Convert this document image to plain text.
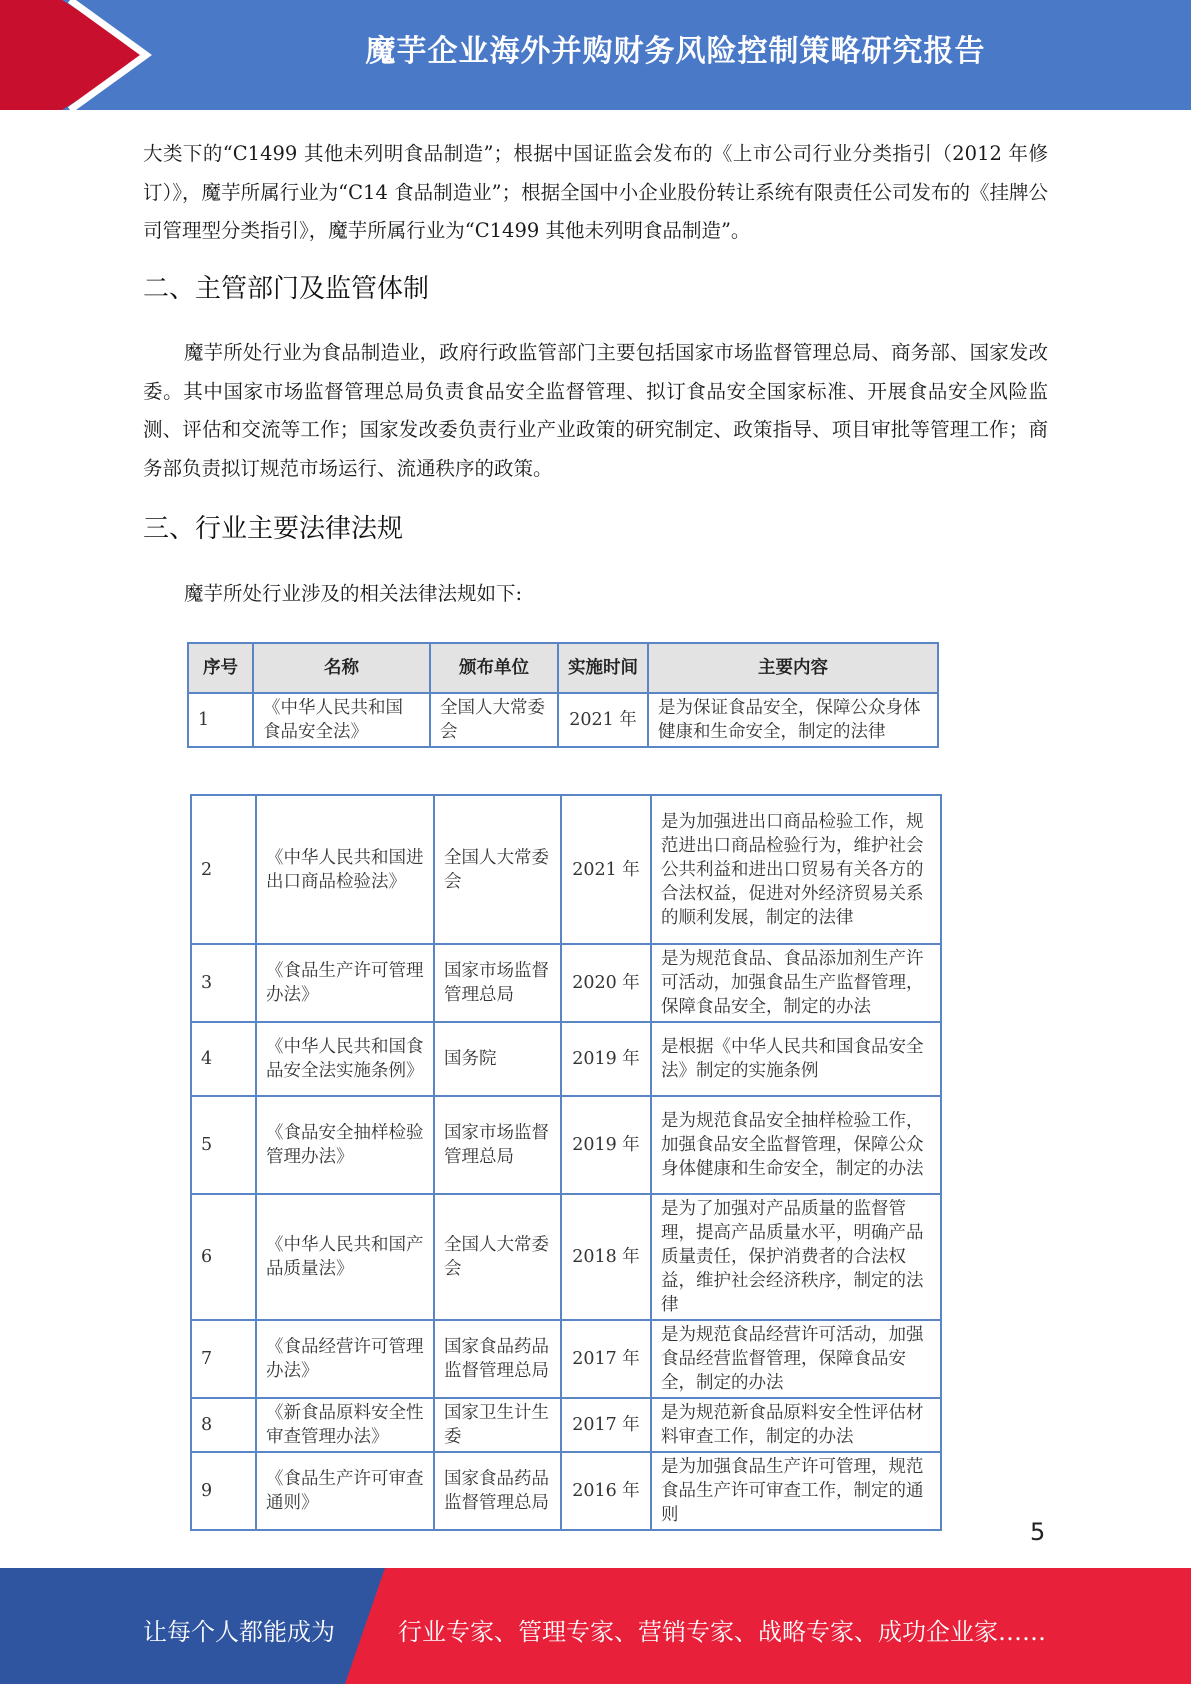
魔芋企业海外并购财务风险控制策略研究报告

大类下的“C1499 其他未列明食品制造”；根据中国证监会发布的《上市公司行业分类指引（2012 年修订）》，魔芋所属行业为“C14 食品制造业”；根据全国中小企业股份转让系统有限责任公司发布的《挂牌公司管理型分类指引》，魔芋所属行业为“C1499 其他未列明食品制造”。

二、主管部门及监管体制

魔芋所处行业为食品制造业，政府行政监管部门主要包括国家市场监督管理总局、商务部、国家发改委。其中国家市场监督管理总局负责食品安全监督管理、拟订食品安全国家标准、开展食品安全风险监测、评估和交流等工作；国家发改委负责行业产业政策的研究制定、政策指导、项目审批等管理工作；商务部负责拟订规范市场运行、流通秩序的政策。

三、行业主要法律法规

魔芋所处行业涉及的相关法律法规如下:

序号	名称	颁布单位	实施时间	主要内容
1	《中华人民共和国食品安全法》	全国人大常委会	2021 年	是为保证食品安全，保障公众身体健康和生命安全，制定的法律
2	《中华人民共和国进出口商品检验法》	全国人大常委会	2021 年	是为加强进出口商品检验工作，规范进出口商品检验行为，维护社会公共利益和进出口贸易有关各方的合法权益，促进对外经济贸易关系的顺利发展，制定的法律
3	《食品生产许可管理办法》	国家市场监督管理总局	2020 年	是为规范食品、食品添加剂生产许可活动，加强食品生产监督管理，保障食品安全，制定的办法
4	《中华人民共和国食品安全法实施条例》	国务院	2019 年	是根据《中华人民共和国食品安全法》制定的实施条例
5	《食品安全抽样检验管理办法》	国家市场监督管理总局	2019 年	是为规范食品安全抽样检验工作，加强食品安全监督管理，保障公众身体健康和生命安全，制定的办法
6	《中华人民共和国产品质量法》	全国人大常委会	2018 年	是为了加强对产品质量的监督管理，提高产品质量水平，明确产品质量责任，保护消费者的合法权益，维护社会经济秩序，制定的法律
7	《食品经营许可管理办法》	国家食品药品监督管理总局	2017 年	是为规范食品经营许可活动，加强食品经营监督管理，保障食品安全，制定的办法
8	《新食品原料安全性审查管理办法》	国家卫生计生委	2017 年	是为规范新食品原料安全性评估材料审查工作，制定的办法
9	《食品生产许可审查通则》	国家食品药品监督管理总局	2016 年	是为加强食品生产许可管理，规范食品生产许可审查工作，制定的通则
5
让每个人都能成为	行业专家、管理专家、营销专家、战略专家、成功企业家……
